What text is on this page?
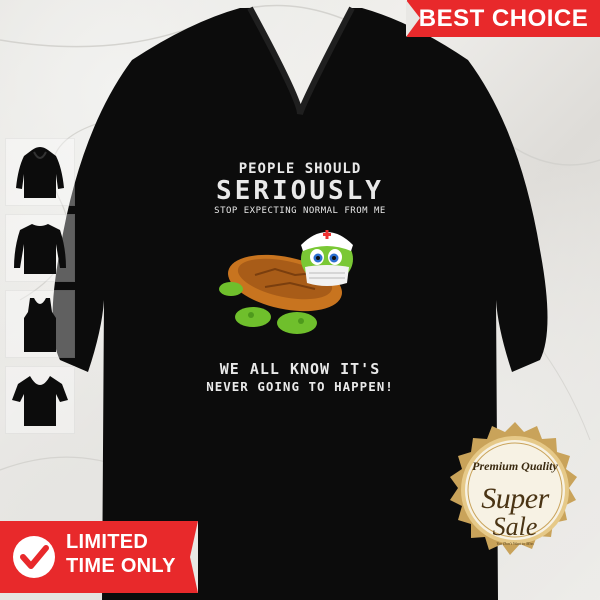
PEOPLE SHOULD
SERIOUSLY
STOP EXPECTING NORMAL FROM ME
WE ALL KNOW IT'S
NEVER GOING TO HAPPEN!
BEST CHOICE
LIMITED
TIME ONLY
Premium Quality
Super
Sale
You Don't Want to Miss
